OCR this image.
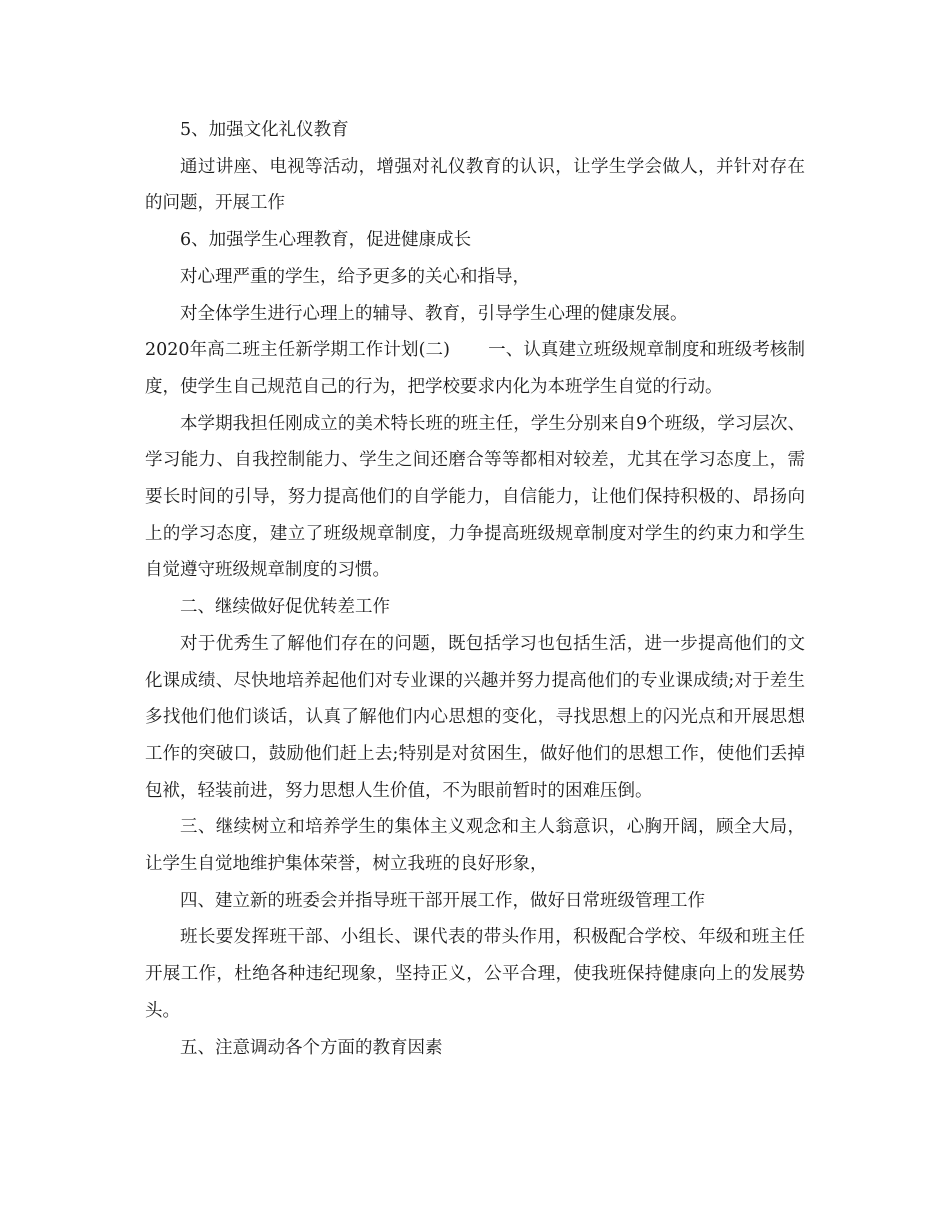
5、加强文化礼仪教育

通过讲座、电视等活动，增强对礼仪教育的认识，让学生学会做人，并针对存在的问题，开展工作

6、加强学生心理教育，促进健康成长

对心理严重的学生，给予更多的关心和指导，

对全体学生进行心理上的辅导、教育，引导学生心理的健康发展。

2020年高二班主任新学期工作计划(二) 一、认真建立班级规章制度和班级考核制度，使学生自己规范自己的行为，把学校要求内化为本班学生自觉的行动。

本学期我担任刚成立的美术特长班的班主任，学生分别来自9个班级，学习层次、学习能力、自我控制能力、学生之间还磨合等等都相对较差，尤其在学习态度上，需要长时间的引导，努力提高他们的自学能力，自信能力，让他们保持积极的、昂扬向上的学习态度，建立了班级规章制度，力争提高班级规章制度对学生的约束力和学生自觉遵守班级规章制度的习惯。

二、继续做好促优转差工作

对于优秀生了解他们存在的问题，既包括学习也包括生活，进一步提高他们的文化课成绩、尽快地培养起他们对专业课的兴趣并努力提高他们的专业课成绩;对于差生多找他们他们谈话，认真了解他们内心思想的变化，寻找思想上的闪光点和开展思想工作的突破口，鼓励他们赶上去;特别是对贫困生，做好他们的思想工作，使他们丢掉包袱，轻装前进，努力思想人生价值，不为眼前暂时的困难压倒。

三、继续树立和培养学生的集体主义观念和主人翁意识，心胸开阔，顾全大局，让学生自觉地维护集体荣誉，树立我班的良好形象，

四、建立新的班委会并指导班干部开展工作，做好日常班级管理工作

班长要发挥班干部、小组长、课代表的带头作用，积极配合学校、年级和班主任开展工作，杜绝各种违纪现象，坚持正义，公平合理，使我班保持健康向上的发展势头。

五、注意调动各个方面的教育因素
